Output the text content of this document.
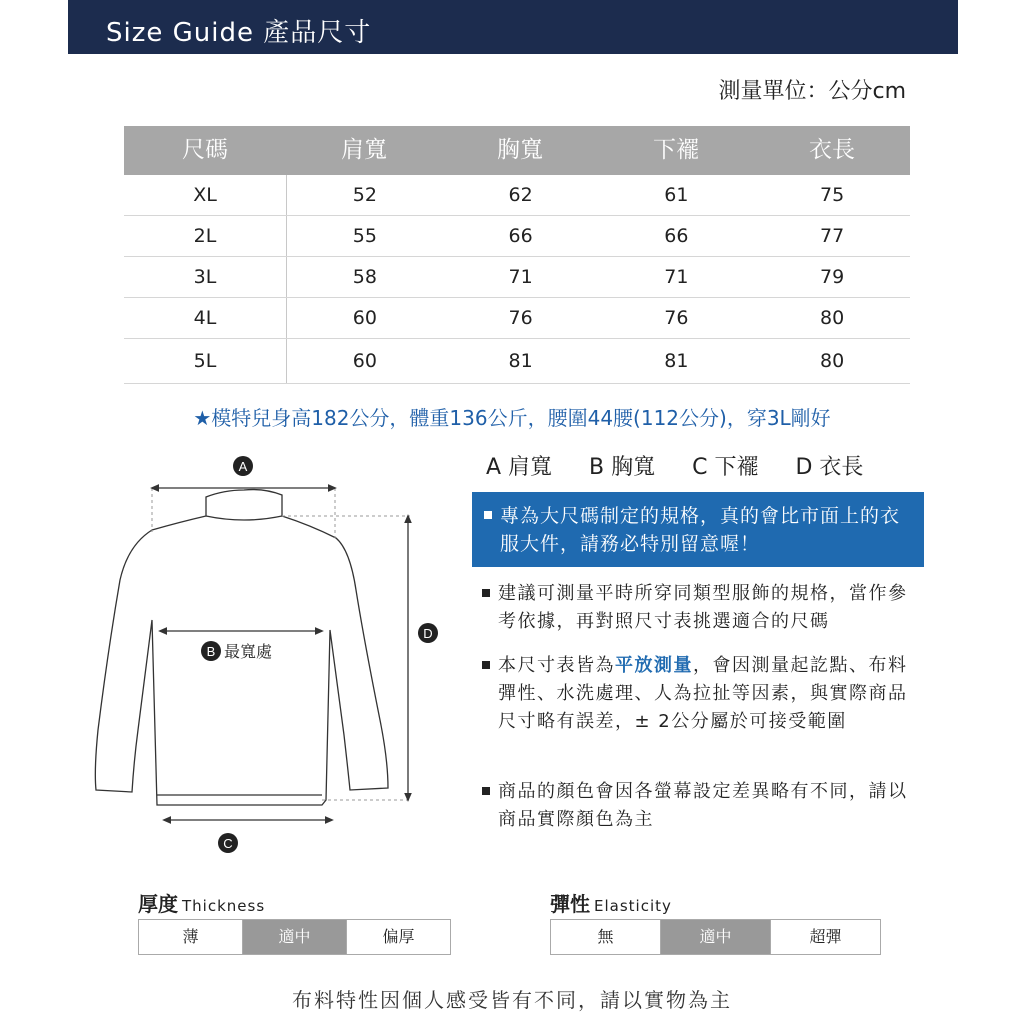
Size Guide 產品尺寸
測量單位：公分cm
尺碼	肩寬	胸寬	下襬	衣長
XL	52	62	61	75
2L	55	66	66	77
3L	58	71	71	79
4L	60	76	76	80
5L	60	81	81	80
★模特兒身高182公分，體重136公斤，腰圍44腰(112公分)，穿3L剛好
A
B 最寬處
C
D
A 肩寬 B 胸寬 C 下襬 D 衣長
專為大尺碼制定的規格，真的會比市面上的衣服大件，請務必特別留意喔！
建議可測量平時所穿同類型服飾的規格，當作參考依據，再對照尺寸表挑選適合的尺碼
本尺寸表皆為平放測量，會因測量起訖點、布料彈性、水洗處理、人為拉扯等因素，與實際商品尺寸略有誤差，± 2公分屬於可接受範圍
商品的顏色會因各螢幕設定差異略有不同，請以商品實際顏色為主
厚度 Thickness
薄	適中	偏厚
彈性 Elasticity
無	適中	超彈
布料特性因個人感受皆有不同，請以實物為主
